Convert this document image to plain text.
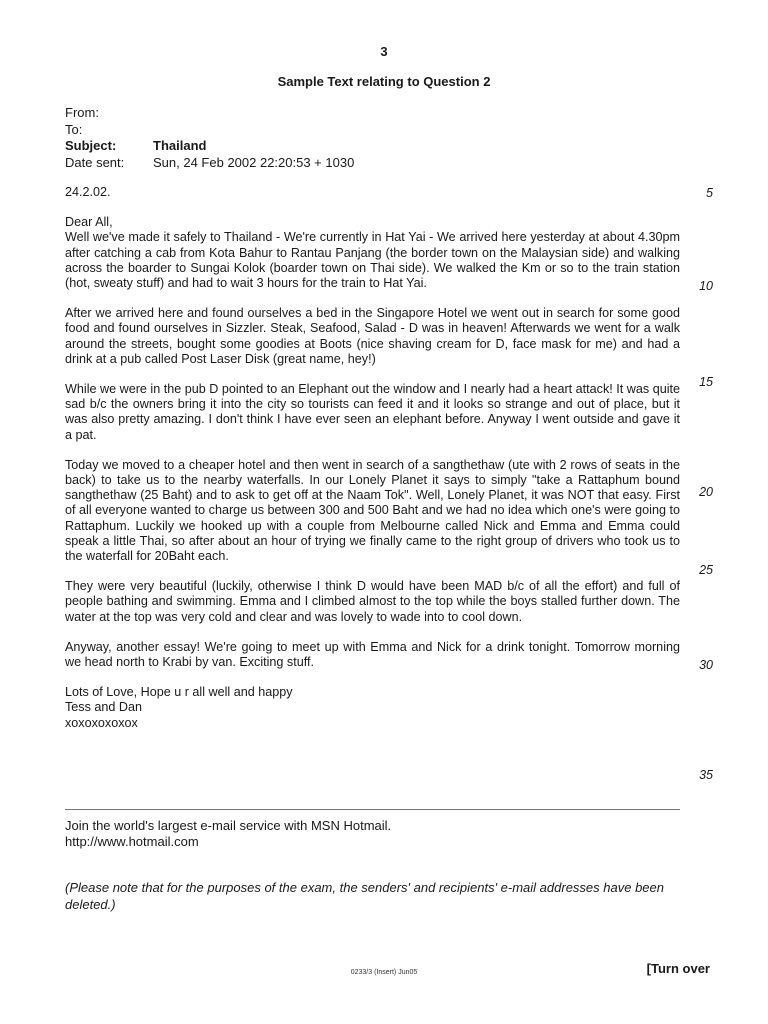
3
Sample Text relating to Question 2
From:
To:
Subject:	Thailand
Date sent:	Sun, 24 Feb 2002 22:20:53 + 1030

24.2.02.

Dear All,

Well we've made it safely to Thailand - We're currently in Hat Yai - We arrived here yesterday at about 4.30pm after catching a cab from Kota Bahur to Rantau Panjang (the border town on the Malaysian side) and walking across the boarder to Sungai Kolok (boarder town on Thai side). We walked the Km or so to the train station (hot, sweaty stuff) and had to wait 3 hours for the train to Hat Yai.

After we arrived here and found ourselves a bed in the Singapore Hotel we went out in search for some good food and found ourselves in Sizzler. Steak, Seafood, Salad - D was in heaven! Afterwards we went for a walk around the streets, bought some goodies at Boots (nice shaving cream for D, face mask for me) and had a drink at a pub called Post Laser Disk (great name, hey!)

While we were in the pub D pointed to an Elephant out the window and I nearly had a heart attack! It was quite sad b/c the owners bring it into the city so tourists can feed it and it looks so strange and out of place, but it was also pretty amazing. I don't think I have ever seen an elephant before. Anyway I went outside and gave it a pat.

Today we moved to a cheaper hotel and then went in search of a sangthethaw (ute with 2 rows of seats in the back) to take us to the nearby waterfalls. In our Lonely Planet it says to simply "take a Rattaphum bound sangthethaw (25 Baht) and to ask to get off at the Naam Tok". Well, Lonely Planet, it was NOT that easy. First of all everyone wanted to charge us between 300 and 500 Baht and we had no idea which one's were going to Rattaphum. Luckily we hooked up with a couple from Melbourne called Nick and Emma and Emma could speak a little Thai, so after about an hour of trying we finally came to the right group of drivers who took us to the waterfall for 20Baht each.

They were very beautiful (luckily, otherwise I think D would have been MAD b/c of all the effort) and full of people bathing and swimming. Emma and I climbed almost to the top while the boys stalled further down. The water at the top was very cold and clear and was lovely to wade into to cool down.

Anyway, another essay! We're going to meet up with Emma and Nick for a drink tonight. Tomorrow morning we head north to Krabi by van. Exciting stuff.

Lots of Love, Hope u r all well and happy
Tess and Dan
xoxoxoxoxox
5
10
15
20
25
30
35
Join the world's largest e-mail service with MSN Hotmail.
http://www.hotmail.com
(Please note that for the purposes of the exam, the senders' and recipients' e-mail addresses have been deleted.)
0233/3 (Insert) Jun05	[Turn over
